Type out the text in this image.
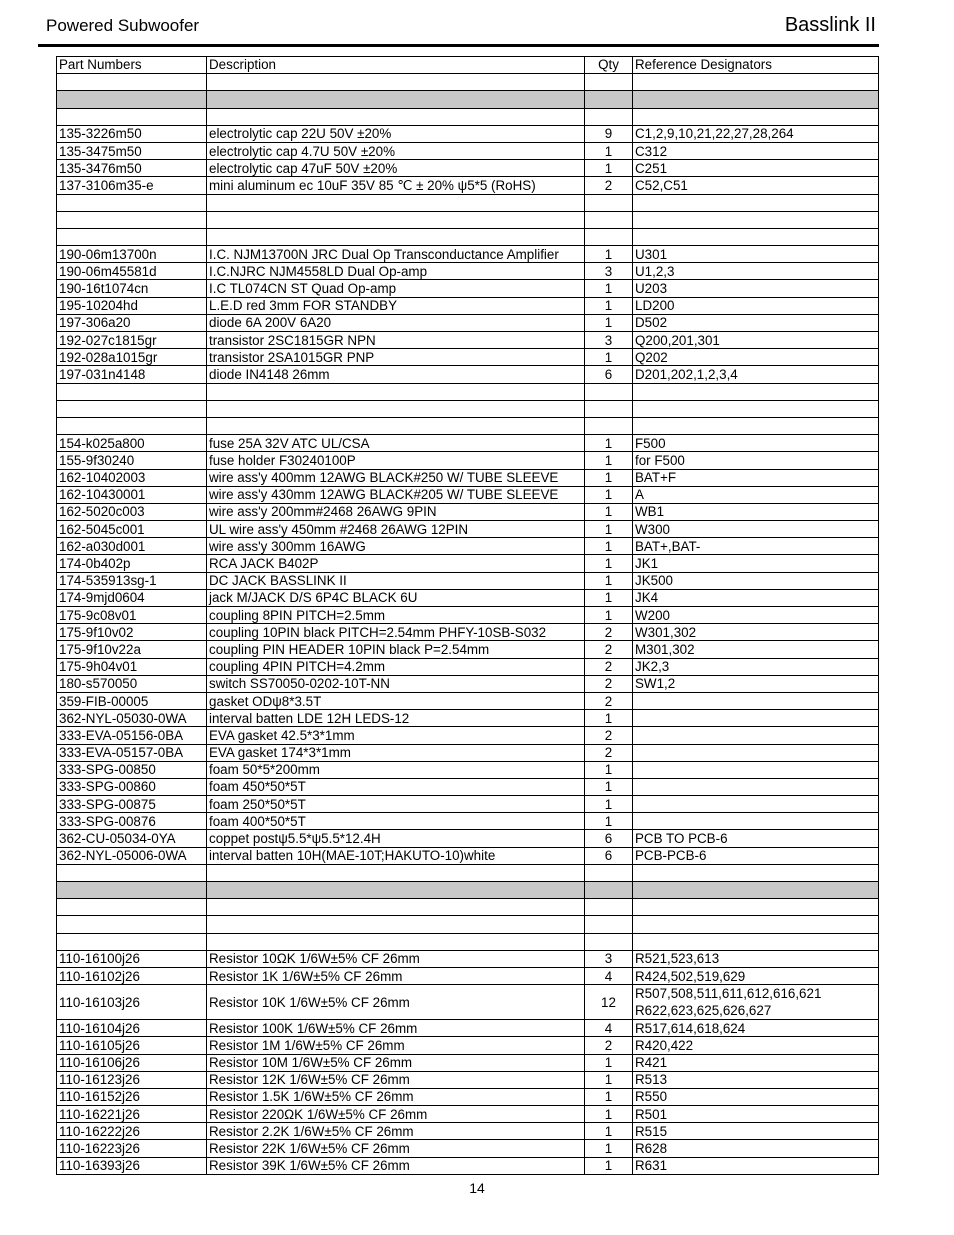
Powered Subwoofer	Basslink II
Part Numbers	Description	Qty	Reference Designators

135-3226m50	electrolytic cap 22U 50V ±20%	9	C1,2,9,10,21,22,27,28,264
135-3475m50	electrolytic cap 4.7U 50V ±20%	1	C312
135-3476m50	electrolytic cap 47uF 50V ±20%	1	C251
137-3106m35-e	mini aluminum ec 10uF 35V 85 ℃ ± 20% ψ5*5 (RoHS)	2	C52,C51

190-06m13700n	I.C. NJM13700N JRC Dual Op Transconductance Amplifier	1	U301
190-06m45581d	I.C.NJRC NJM4558LD Dual Op-amp	3	U1,2,3
190-16t1074cn	I.C TL074CN ST Quad Op-amp	1	U203
195-10204hd	L.E.D red 3mm FOR STANDBY	1	LD200
197-306a20	diode 6A 200V 6A20	1	D502
192-027c1815gr	transistor 2SC1815GR NPN	3	Q200,201,301
192-028a1015gr	transistor 2SA1015GR PNP	1	Q202
197-031n4148	diode IN4148 26mm	6	D201,202,1,2,3,4

154-k025a800	fuse 25A 32V ATC UL/CSA	1	F500
155-9f30240	fuse holder F30240100P	1	for F500
162-10402003	wire ass'y 400mm 12AWG BLACK#250 W/ TUBE SLEEVE	1	BAT+F
162-10430001	wire ass'y 430mm 12AWG BLACK#205 W/ TUBE SLEEVE	1	A
162-5020c003	wire ass'y 200mm#2468 26AWG 9PIN	1	WB1
162-5045c001	UL wire ass'y 450mm #2468 26AWG 12PIN	1	W300
162-a030d001	wire ass'y 300mm 16AWG	1	BAT+,BAT-
174-0b402p	RCA JACK B402P	1	JK1
174-535913sg-1	DC JACK BASSLINK II	1	JK500
174-9mjd0604	jack M/JACK D/S 6P4C BLACK 6U	1	JK4
175-9c08v01	coupling 8PIN PITCH=2.5mm	1	W200
175-9f10v02	coupling 10PIN black PITCH=2.54mm PHFY-10SB-S032	2	W301,302
175-9f10v22a	coupling PIN HEADER 10PIN black P=2.54mm	2	M301,302
175-9h04v01	coupling 4PIN PITCH=4.2mm	2	JK2,3
180-s570050	switch SS70050-0202-10T-NN	2	SW1,2
359-FIB-00005	gasket ODψ8*3.5T	2	
362-NYL-05030-0WA	interval batten LDE 12H LEDS-12	1	
333-EVA-05156-0BA	EVA gasket 42.5*3*1mm	2	
333-EVA-05157-0BA	EVA gasket 174*3*1mm	2	
333-SPG-00850	foam 50*5*200mm	1	
333-SPG-00860	foam 450*50*5T	1	
333-SPG-00875	foam 250*50*5T	1	
333-SPG-00876	foam 400*50*5T	1	
362-CU-05034-0YA	coppet postψ5.5*ψ5.5*12.4H	6	PCB TO PCB-6
362-NYL-05006-0WA	interval batten 10H(MAE-10T;HAKUTO-10)white	6	PCB-PCB-6

110-16100j26	Resistor 10ΩK 1/6W±5% CF 26mm	3	R521,523,613
110-16102j26	Resistor 1K 1/6W±5% CF 26mm	4	R424,502,519,629
110-16103j26	Resistor 10K 1/6W±5% CF 26mm	12	R507,508,511,611,612,616,621 R622,623,625,626,627
110-16104j26	Resistor 100K 1/6W±5% CF 26mm	4	R517,614,618,624
110-16105j26	Resistor 1M 1/6W±5% CF 26mm	2	R420,422
110-16106j26	Resistor 10M 1/6W±5% CF 26mm	1	R421
110-16123j26	Resistor 12K 1/6W±5% CF 26mm	1	R513
110-16152j26	Resistor 1.5K 1/6W±5% CF 26mm	1	R550
110-16221j26	Resistor 220ΩK 1/6W±5% CF 26mm	1	R501
110-16222j26	Resistor 2.2K 1/6W±5% CF 26mm	1	R515
110-16223j26	Resistor 22K 1/6W±5% CF 26mm	1	R628
110-16393j26	Resistor 39K 1/6W±5% CF 26mm	1	R631
14
